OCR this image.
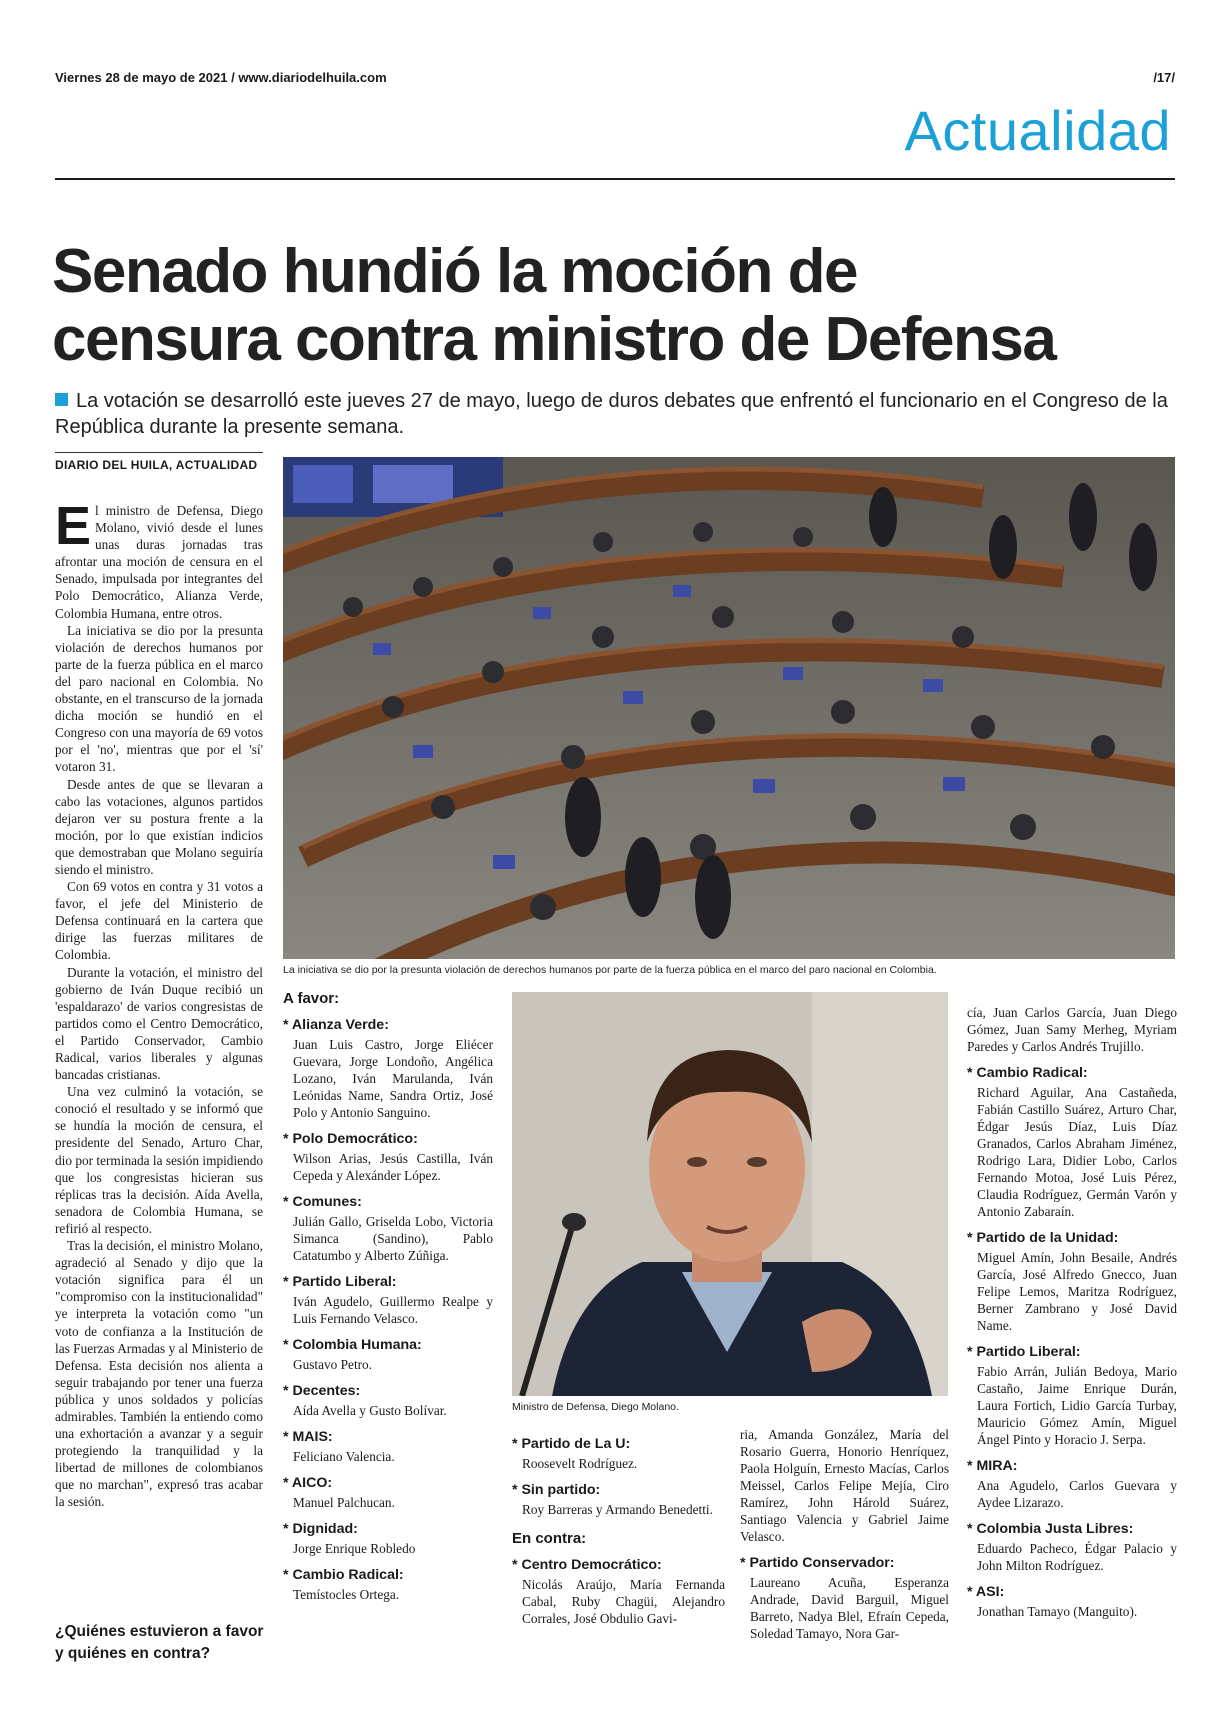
Viernes 28 de mayo de 2021 / www.diariodelhuila.com	/17/
Actualidad
Senado hundió la moción de
censura contra ministro de Defensa
La votación se desarrolló este jueves 27 de mayo, luego de duros debates que enfrentó el funcionario en el Congreso de la República durante la presente semana.
DIARIO DEL HUILA, ACTUALIDAD

El ministro de Defensa, Diego Molano, vivió desde el lunes unas duras jornadas tras afrontar una moción de censura en el Senado, impulsada por integrantes del Polo Democrático, Alianza Verde, Colombia Humana, entre otros.

La iniciativa se dio por la presunta violación de derechos humanos por parte de la fuerza pública en el marco del paro nacional en Colombia. No obstante, en el transcurso de la jornada dicha moción se hundió en el Congreso con una mayoría de 69 votos por el 'no', mientras que por el 'sí' votaron 31.

Desde antes de que se llevaran a cabo las votaciones, algunos partidos dejaron ver su postura frente a la moción, por lo que existían indicios que demostraban que Molano seguiría siendo el ministro.

Con 69 votos en contra y 31 votos a favor, el jefe del Ministerio de Defensa continuará en la cartera que dirige las fuerzas militares de Colombia.

Durante la votación, el ministro del gobierno de Iván Duque recibió un 'espaldarazo' de varios congresistas de partidos como el Centro Democrático, el Partido Conservador, Cambio Radical, varios liberales y algunas bancadas cristianas.

Una vez culminó la votación, se conoció el resultado y se informó que se hundía la moción de censura, el presidente del Senado, Arturo Char, dio por terminada la sesión impidiendo que los congresistas hicieran sus réplicas tras la decisión. Aída Avella, senadora de Colombia Humana, se refirió al respecto.

Tras la decisión, el ministro Molano, agradeció al Senado y dijo que la votación significa para él un "compromiso con la institucionalidad" ye interpreta la votación como "un voto de confianza a la Institución de las Fuerzas Armadas y al Ministerio de Defensa. Esta decisión nos alienta a seguir trabajando por tener una fuerza pública y unos soldados y policías admirables. También la entiendo como una exhortación a avanzar y a seguir protegiendo la tranquilidad y la libertad de millones de colombianos que no marchan", expresó tras acabar la sesión.

¿Quiénes estuvieron a favor y quiénes en contra?
La iniciativa se dio por la presunta violación de derechos humanos por parte de la fuerza pública en el marco del paro nacional en Colombia.
Ministro de Defensa, Diego Molano.
A favor:
* Alianza Verde:
Juan Luis Castro, Jorge Eliécer Guevara, Jorge Londoño, Angélica Lozano, Iván Marulanda, Iván Leónidas Name, Sandra Ortiz, José Polo y Antonio Sanguino.
* Polo Democrático:
Wilson Arias, Jesús Castilla, Iván Cepeda y Alexánder López.
* Comunes:
Julián Gallo, Griselda Lobo, Victoria Simanca (Sandino), Pablo Catatumbo y Alberto Zúñiga.
* Partido Liberal:
Iván Agudelo, Guillermo Realpe y Luis Fernando Velasco.
* Colombia Humana:
Gustavo Petro.
* Decentes:
Aída Avella y Gusto Bolívar.
* MAIS:
Feliciano Valencia.
* AICO:
Manuel Palchucan.
* Dignidad:
Jorge Enrique Robledo
* Cambio Radical:
Temístocles Ortega.
* Partido de La U:
Roosevelt Rodríguez.
* Sin partido:
Roy Barreras y Armando Benedetti.
En contra:
* Centro Democrático:
Nicolás Araújo, María Fernanda Cabal, Ruby Chagüi, Alejandro Corrales, José Obdulio Gavi-
ria, Amanda González, María del Rosario Guerra, Honorio Henríquez, Paola Holguín, Ernesto Macías, Carlos Meissel, Carlos Felipe Mejía, Ciro Ramírez, John Hárold Suárez, Santiago Valencia y Gabriel Jaime Velasco.
* Partido Conservador:
Laureano Acuña, Esperanza Andrade, David Barguil, Miguel Barreto, Nadya Blel, Efraín Cepeda, Soledad Tamayo, Nora Gar-
cía, Juan Carlos García, Juan Diego Gómez, Juan Samy Merheg, Myriam Paredes y Carlos Andrés Trujillo.
* Cambio Radical:
Richard Aguilar, Ana Castañeda, Fabián Castillo Suárez, Arturo Char, Édgar Jesús Díaz, Luis Díaz Granados, Carlos Abraham Jiménez, Rodrigo Lara, Didier Lobo, Carlos Fernando Motoa, José Luis Pérez, Claudia Rodríguez, Germán Varón y Antonio Zabaraín.
* Partido de la Unidad:
Miguel Amín, John Besaile, Andrés García, José Alfredo Gnecco, Juan Felipe Lemos, Maritza Rodríguez, Berner Zambrano y José David Name.
* Partido Liberal:
Fabio Arrán, Julián Bedoya, Mario Castaño, Jaime Enrique Durán, Laura Fortich, Lidio García Turbay, Mauricio Gómez Amín, Miguel Ángel Pinto y Horacio J. Serpa.
* MIRA:
Ana Agudelo, Carlos Guevara y Aydee Lizarazo.
* Colombia Justa Libres:
Eduardo Pacheco, Édgar Palacio y John Milton Rodríguez.
* ASI:
Jonathan Tamayo (Manguito).
